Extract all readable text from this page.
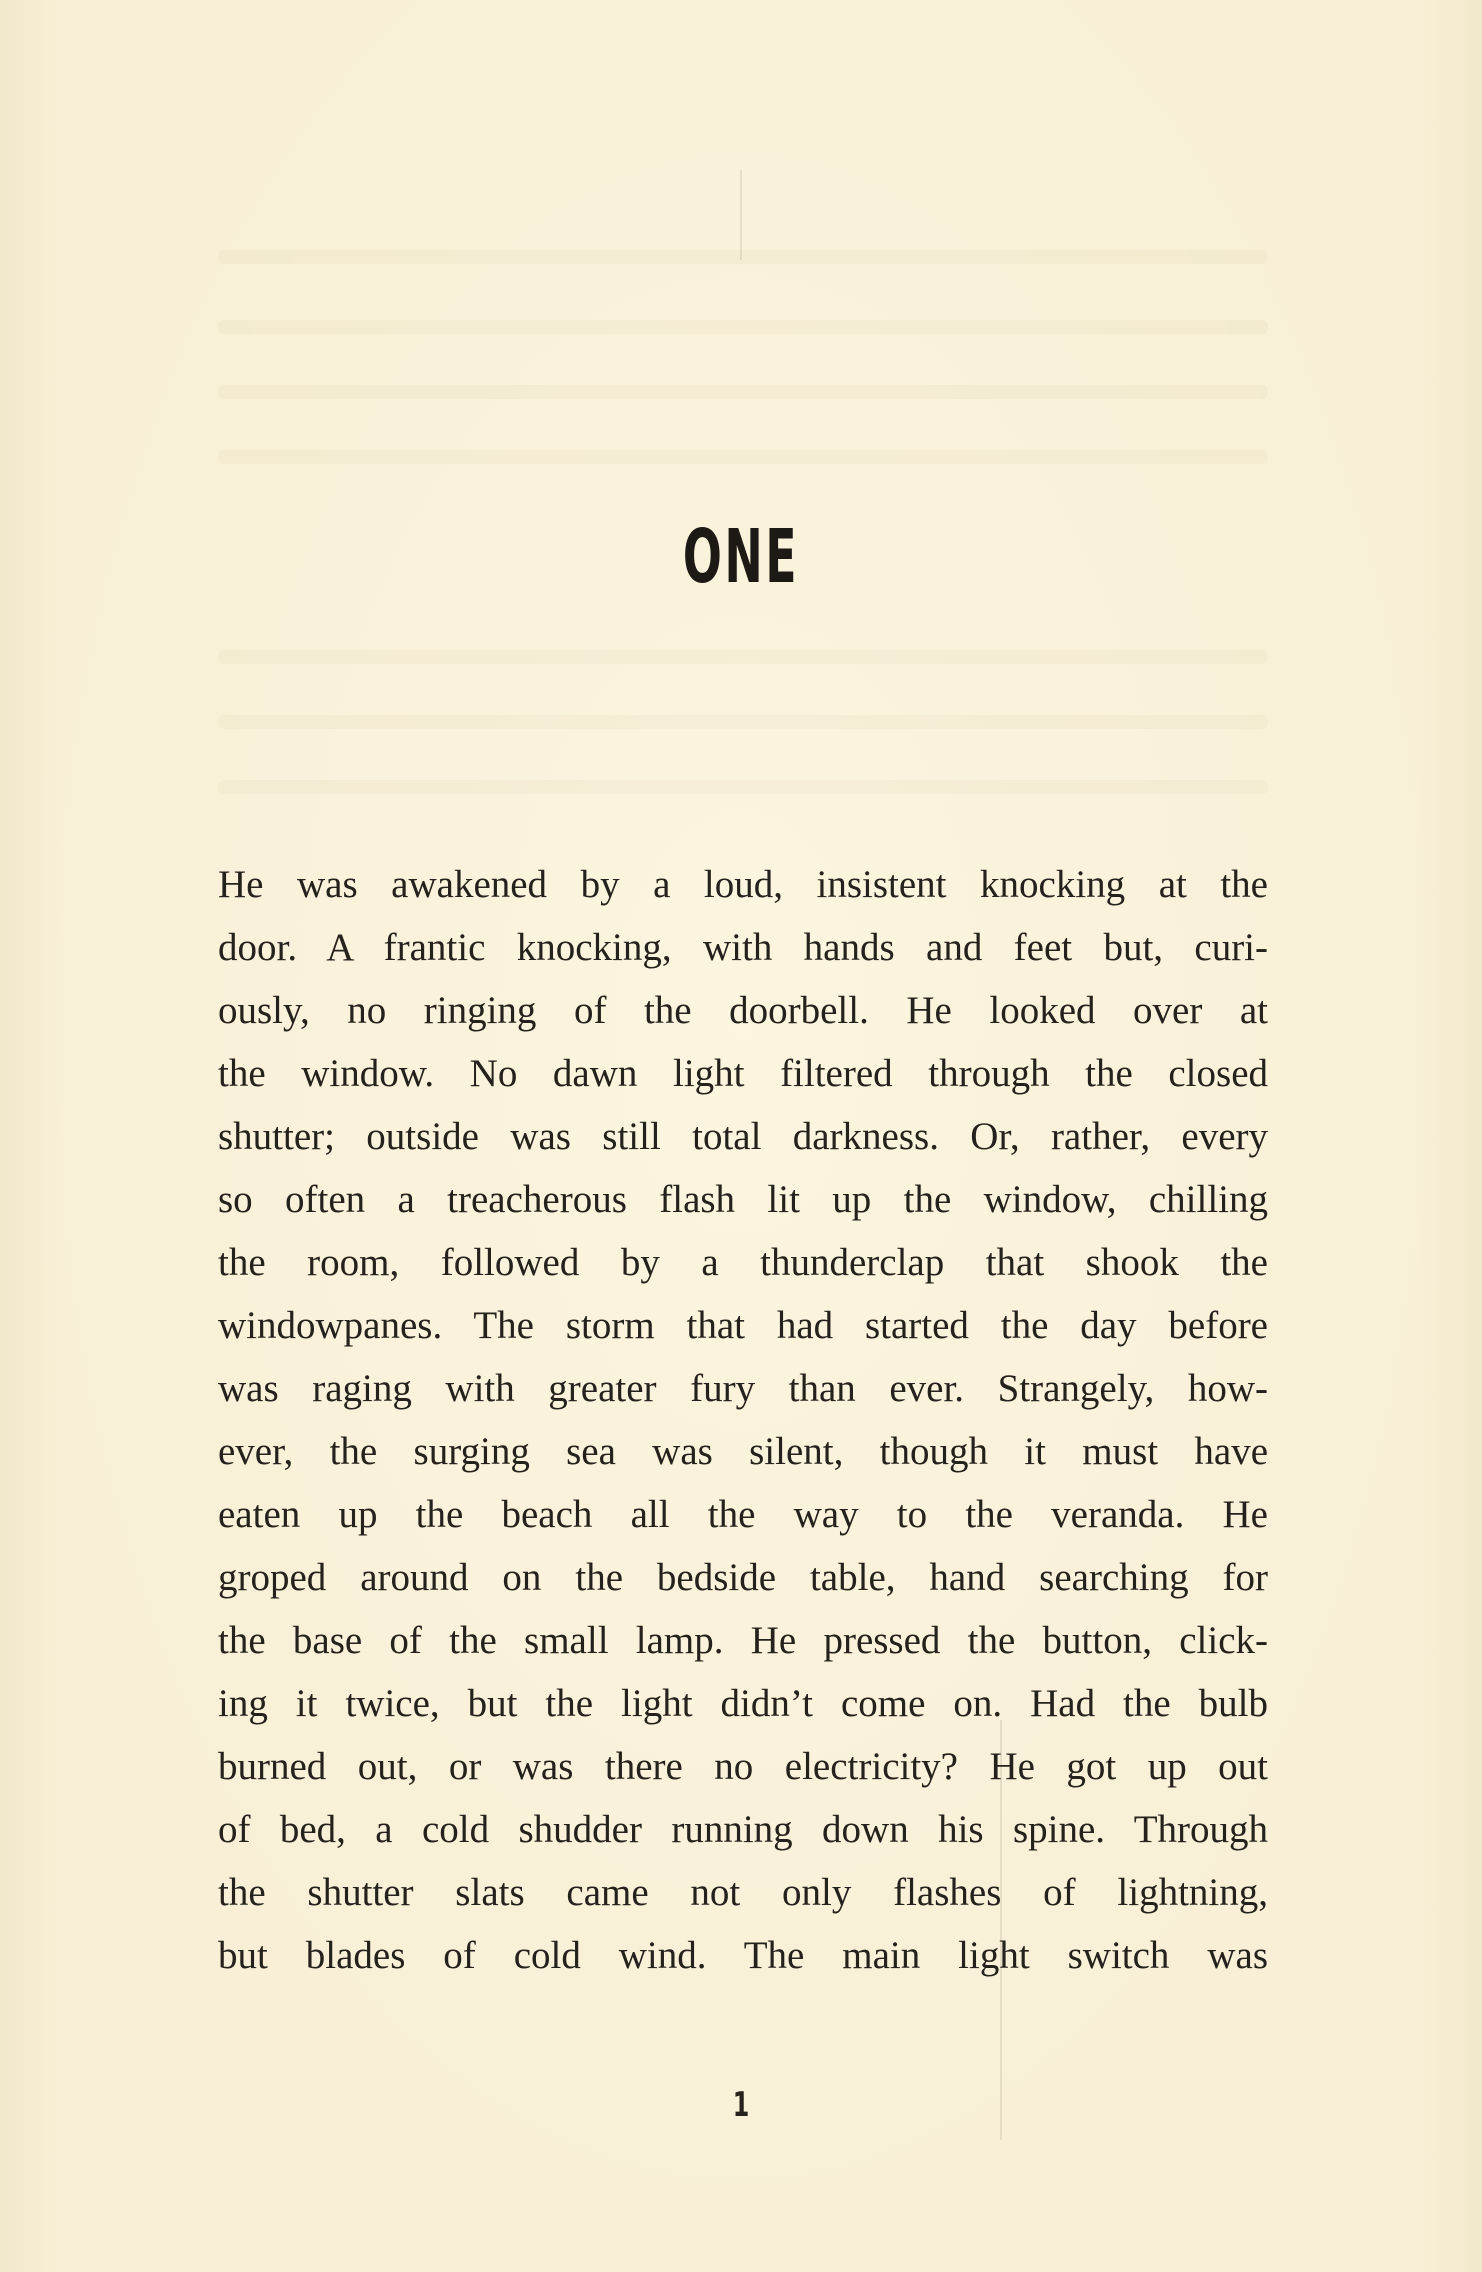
ONE
He was awakened by a loud, insistent knocking at the
door. A frantic knocking, with hands and feet but, curi-
ously, no ringing of the doorbell. He looked over at
the window. No dawn light filtered through the closed
shutter; outside was still total darkness. Or, rather, every
so often a treacherous flash lit up the window, chilling
the room, followed by a thunderclap that shook the
windowpanes. The storm that had started the day before
was raging with greater fury than ever. Strangely, how-
ever, the surging sea was silent, though it must have
eaten up the beach all the way to the veranda. He
groped around on the bedside table, hand searching for
the base of the small lamp. He pressed the button, click-
ing it twice, but the light didn’t come on. Had the bulb
burned out, or was there no electricity? He got up out
of bed, a cold shudder running down his spine. Through
the shutter slats came not only flashes of lightning,
but blades of cold wind. The main light switch was
1
